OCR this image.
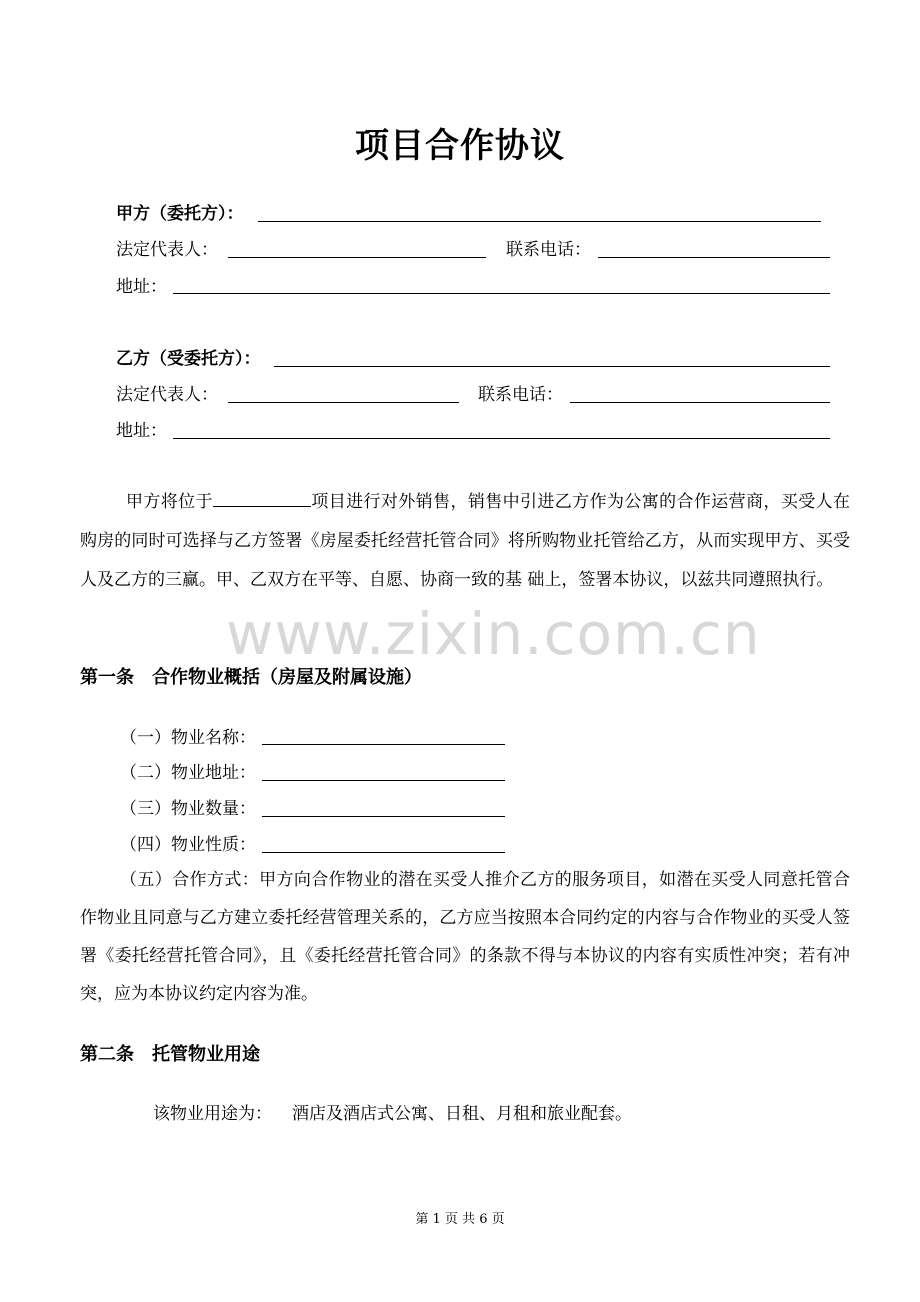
项目合作协议
甲方（委托方）：
法定代表人：	联系电话：
地址：
乙方（受委托方）：
法定代表人：	联系电话：
地址：
甲方将位于	项目进行对外销售，销售中引进乙方作为公寓的合作运营商，买受人在购房的同时可选择与乙方签署《房屋委托经营托管合同》将所购物业托管给乙方，从而实现甲方、买受人及乙方的三赢。甲、乙双方在平等、自愿、协商一致的基 础上，签署本协议，以兹共同遵照执行。
www.zixin.com.cn
第一条　合作物业概括（房屋及附属设施）
（一）物业名称：
（二）物业地址：
（三）物业数量：
（四）物业性质：
（五）合作方式：甲方向合作物业的潜在买受人推介乙方的服务项目，如潜在买受人同意托管合作物业且同意与乙方建立委托经营管理关系的，乙方应当按照本合同约定的内容与合作物业的买受人签署《委托经营托管合同》，且《委托经营托管合同》的条款不得与本协议的内容有实质性冲突；若有冲突，应为本协议约定内容为准。
第二条　托管物业用途
该物业用途为： 酒店及酒店式公寓、日租、月租和旅业配套。
第 1 页 共 6 页
